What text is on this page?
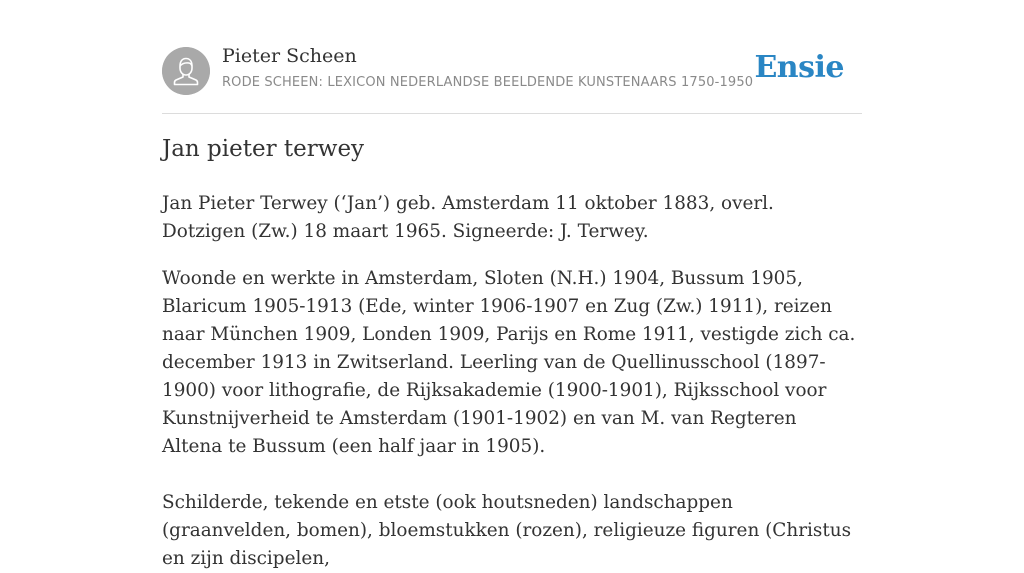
Pieter Scheen
RODE SCHEEN: LEXICON NEDERLANDSE BEELDENDE KUNSTENAARS 1750-1950 Ensie
Jan pieter terwey

Jan Pieter Terwey (‘Jan’) geb. Amsterdam 11 oktober 1883, overl. Dotzigen (Zw.) 18 maart 1965. Signeerde: J. Terwey.

Woonde en werkte in Amsterdam, Sloten (N.H.) 1904, Bussum 1905, Blaricum 1905-1913 (Ede, winter 1906-1907 en Zug (Zw.) 1911), reizen naar München 1909, Londen 1909, Parijs en Rome 1911, vestigde zich ca. december 1913 in Zwitserland. Leerling van de Quellinusschool (1897-1900) voor lithografie, de Rijksakademie (1900-1901), Rijksschool voor Kunstnijverheid te Amsterdam (1901-1902) en van M. van Regteren Altena te Bussum (een half jaar in 1905).

Schilderde, tekende en etste (ook houtsneden) landschappen (graanvelden, bomen), bloemstukken (rozen), religieuze figuren (Christus en zijn discipelen,
